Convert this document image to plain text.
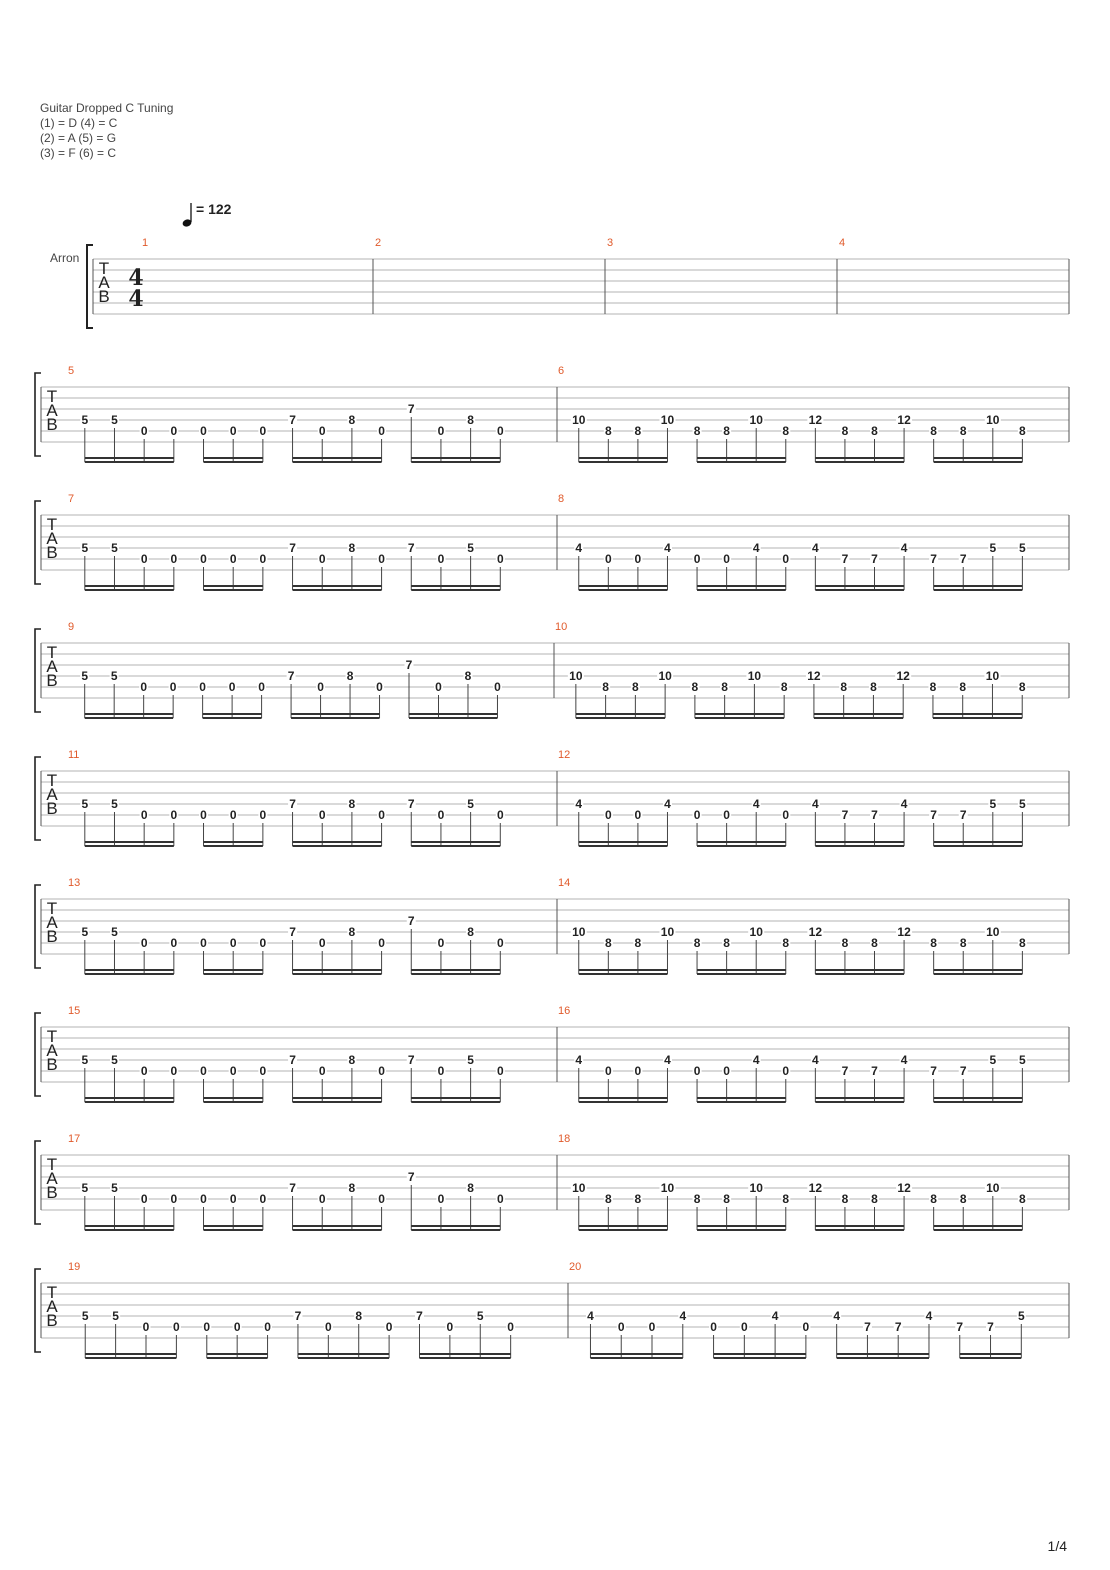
Guitar Dropped C Tuning
(1) = D (4) = C
(2) = A (5) = G
(3) = F (6) = C
= 122
Arron
T
A
B
4
4
1	2	3	4
T
A
B
5	6
5 5
0 0 0 0 0
7
0
8
0
7
0
8
0
10
8 8
10
8 8
10
8
12
8 8
12
8 8
10
8
T
A
B
7	8
5 5
0 0 0 0 0
7
0
8
0
7
0
5
0
4
0 0
4
0 0
4
0
4
7 7
4
7 7
5 5
T
A
B
9	10
5 5
0 0 0 0 0
7
0
8
0
7
0
8
0
10
8 8
10
8 8
10
8
12
8 8
12
8 8
10
8
T
A
B
11	12
5 5
0 0 0 0 0
7
0
8
0
7
0
5
0
4
0 0
4
0 0
4
0
4
7 7
4
7 7
5 5
T
A
B
13	14
5 5
0 0 0 0 0
7
0
8
0
7
0
8
0
10
8 8
10
8 8
10
8
12
8 8
12
8 8
10
8
T
A
B
15	16
5 5
0 0 0 0 0
7
0
8
0
7
0
5
0
4
0 0
4
0 0
4
0
4
7 7
4
7 7
5 5
T
A
B
17	18
5 5
0 0 0 0 0
7
0
8
0
7
0
8
0
10
8 8
10
8 8
10
8
12
8 8
12
8 8
10
8
T
A
B
19	20
5 5
0 0 0 0 0
7
0
8
0
7
0
5
0
4
0 0
4
0 0
4
0
4
7 7
4
7 7
5
1/4
